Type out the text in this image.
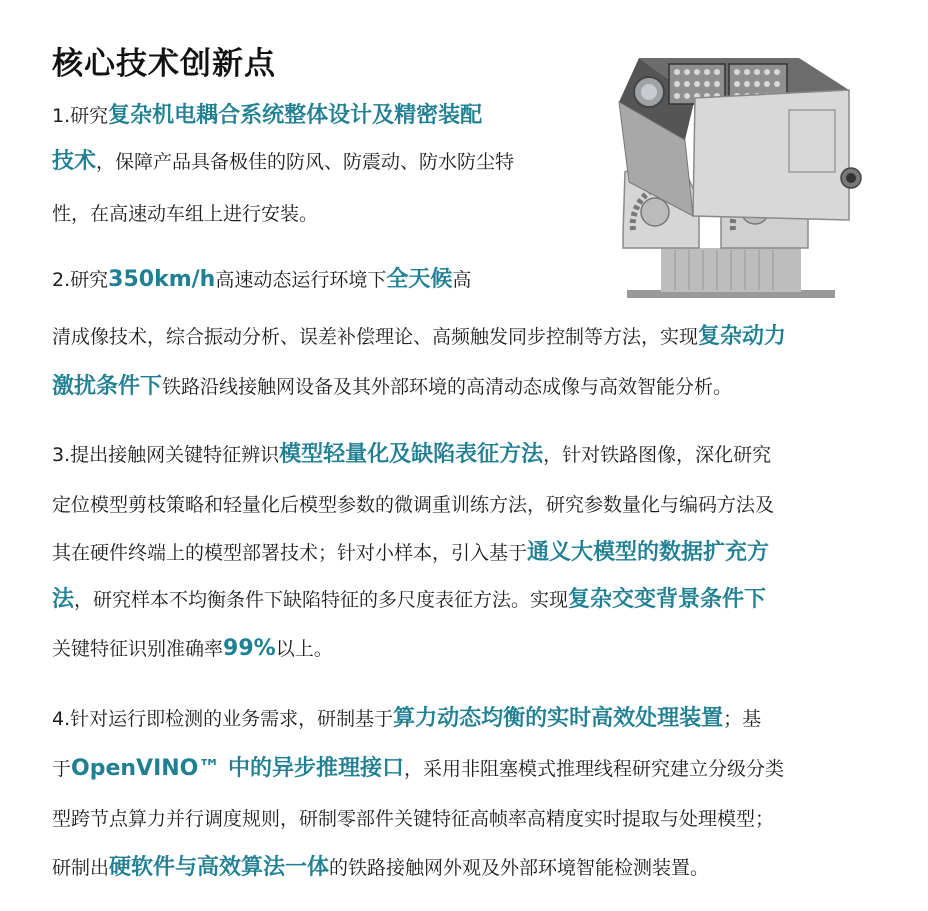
核心技术创新点
1.研究复杂机电耦合系统整体设计及精密装配
技术，保障产品具备极佳的防风、防震动、防水防尘特
性，在高速动车组上进行安装。
2.研究350km/h高速动态运行环境下全天候高
清成像技术，综合振动分析、误差补偿理论、高频触发同步控制等方法，实现复杂动力
激扰条件下铁路沿线接触网设备及其外部环境的高清动态成像与高效智能分析。
3.提出接触网关键特征辨识模型轻量化及缺陷表征方法，针对铁路图像，深化研究
定位模型剪枝策略和轻量化后模型参数的微调重训练方法，研究参数量化与编码方法及
其在硬件终端上的模型部署技术；针对小样本，引入基于通义大模型的数据扩充方
法，研究样本不均衡条件下缺陷特征的多尺度表征方法。实现复杂交变背景条件下
关键特征识别准确率99%以上。
4.针对运行即检测的业务需求，研制基于算力动态均衡的实时高效处理装置；基
于OpenVINO™ 中的异步推理接口，采用非阻塞模式推理线程研究建立分级分类
型跨节点算力并行调度规则，研制零部件关键特征高帧率高精度实时提取与处理模型；
研制出硬软件与高效算法一体的铁路接触网外观及外部环境智能检测装置。
